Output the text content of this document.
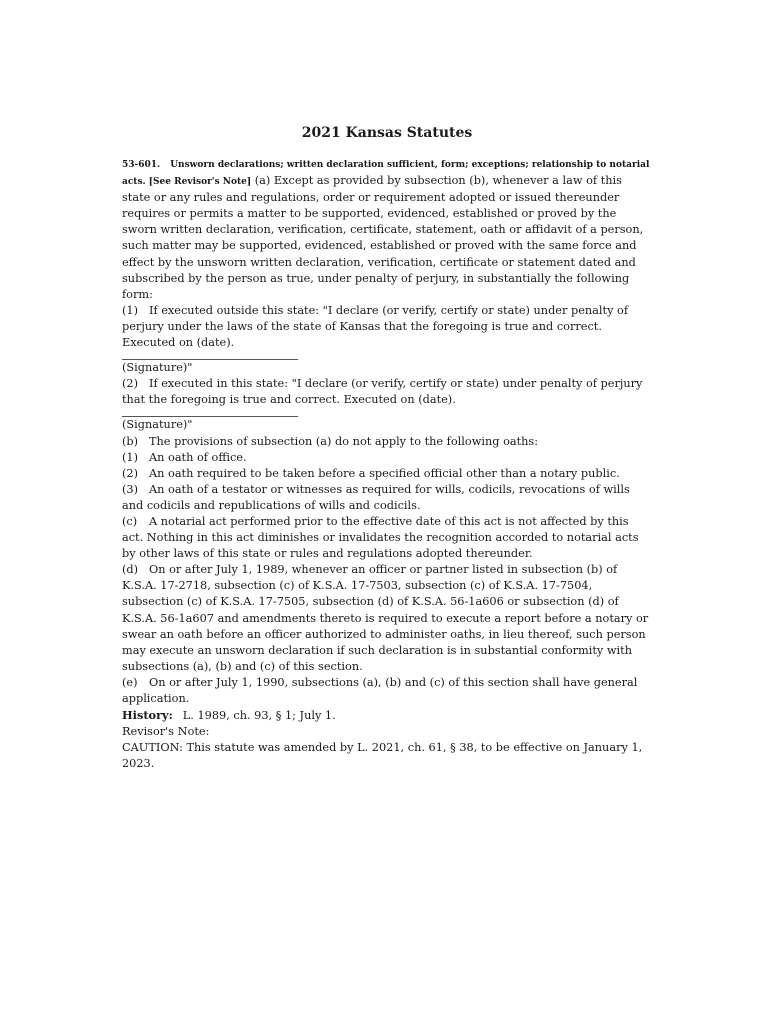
2021 Kansas Statutes

53-601. Unsworn declarations; written declaration sufficient, form; exceptions; relationship to notarial acts. [See Revisor's Note] (a) Except as provided by subsection (b), whenever a law of this state or any rules and regulations, order or requirement adopted or issued thereunder requires or permits a matter to be supported, evidenced, established or proved by the sworn written declaration, verification, certificate, statement, oath or affidavit of a person, such matter may be supported, evidenced, established or proved with the same force and effect by the unsworn written declaration, verification, certificate or statement dated and subscribed by the person as true, under penalty of perjury, in substantially the following form:

(1) If executed outside this state: "I declare (or verify, certify or state) under penalty of perjury under the laws of the state of Kansas that the foregoing is true and correct. Executed on (date).

(Signature)"

(2) If executed in this state: "I declare (or verify, certify or state) under penalty of perjury that the foregoing is true and correct. Executed on (date).

(Signature)"

(b) The provisions of subsection (a) do not apply to the following oaths:

(1) An oath of office.

(2) An oath required to be taken before a specified official other than a notary public.

(3) An oath of a testator or witnesses as required for wills, codicils, revocations of wills and codicils and republications of wills and codicils.

(c) A notarial act performed prior to the effective date of this act is not affected by this act. Nothing in this act diminishes or invalidates the recognition accorded to notarial acts by other laws of this state or rules and regulations adopted thereunder.

(d) On or after July 1, 1989, whenever an officer or partner listed in subsection (b) of K.S.A. 17-2718, subsection (c) of K.S.A. 17-7503, subsection (c) of K.S.A. 17-7504, subsection (c) of K.S.A. 17-7505, subsection (d) of K.S.A. 56-1a606 or subsection (d) of K.S.A. 56-1a607 and amendments thereto is required to execute a report before a notary or swear an oath before an officer authorized to administer oaths, in lieu thereof, such person may execute an unsworn declaration if such declaration is in substantial conformity with subsections (a), (b) and (c) of this section.

(e) On or after July 1, 1990, subsections (a), (b) and (c) of this section shall have general application.

History: L. 1989, ch. 93, § 1; July 1.

Revisor's Note:

CAUTION: This statute was amended by L. 2021, ch. 61, § 38, to be effective on January 1, 2023.
